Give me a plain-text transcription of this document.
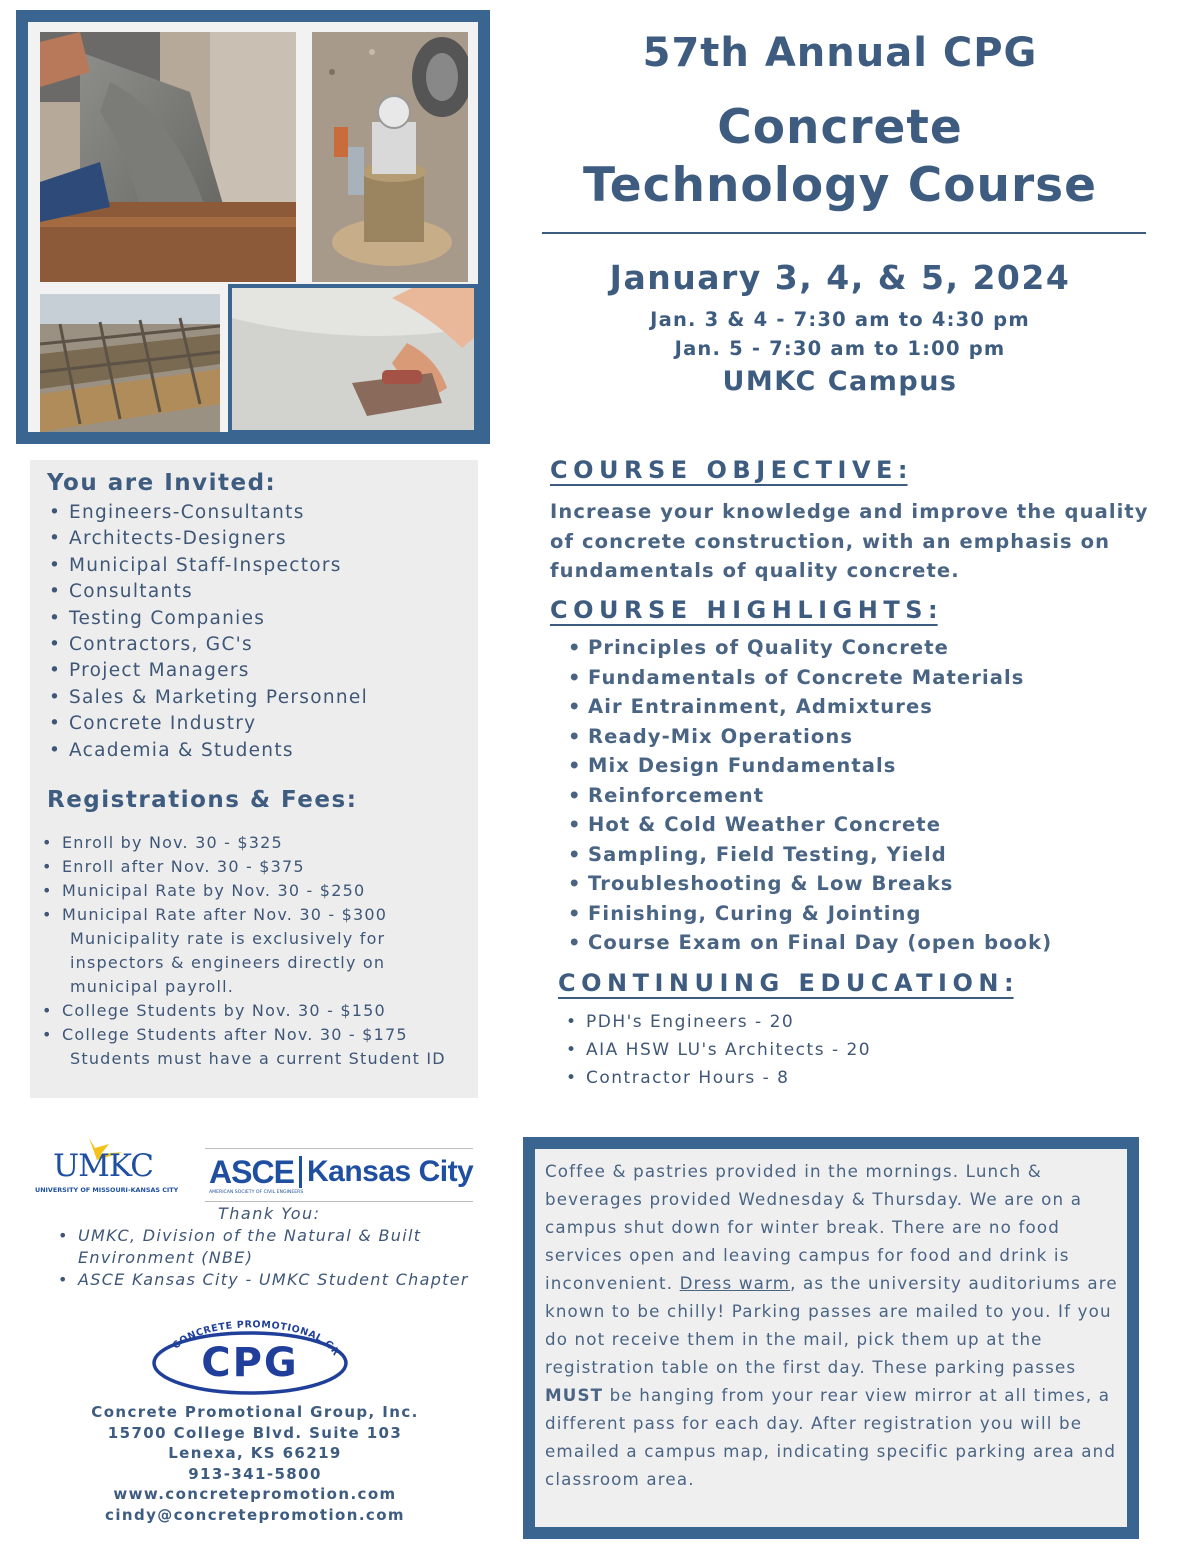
57th Annual CPG
Concrete
Technology Course
January 3, 4, & 5, 2024
Jan. 3 & 4 - 7:30 am to 4:30 pm
Jan. 5 - 7:30 am to 1:00 pm
UMKC Campus
You are Invited:
• Engineers-Consultants
• Architects-Designers
• Municipal Staff-Inspectors
• Consultants
• Testing Companies
• Contractors, GC's
• Project Managers
• Sales & Marketing Personnel
• Concrete Industry
• Academia & Students
Registrations & Fees:
• Enroll by Nov. 30 - $325
• Enroll after Nov. 30 - $375
• Municipal Rate by Nov. 30 - $250
• Municipal Rate after Nov. 30 - $300
Municipality rate is exclusively for inspectors & engineers directly on municipal payroll.
• College Students by Nov. 30 - $150
• College Students after Nov. 30 - $175
Students must have a current Student ID
COURSE OBJECTIVE:
Increase your knowledge and improve the quality of concrete construction, with an emphasis on fundamentals of quality concrete.
COURSE HIGHLIGHTS:
• Principles of Quality Concrete
• Fundamentals of Concrete Materials
• Air Entrainment, Admixtures
• Ready-Mix Operations
• Mix Design Fundamentals
• Reinforcement
• Hot & Cold Weather Concrete
• Sampling, Field Testing, Yield
• Troubleshooting & Low Breaks
• Finishing, Curing & Jointing
• Course Exam on Final Day (open book)
CONTINUING EDUCATION:
• PDH's Engineers - 20
• AIA HSW LU's Architects - 20
• Contractor Hours - 8
UMKC
UNIVERSITY OF MISSOURI-KANSAS CITY ASCE Kansas City
AMERICAN SOCIETY OF CIVIL ENGINEERS
Thank You:
• UMKC, Division of the Natural & Built Environment (NBE)
• ASCE Kansas City - UMKC Student Chapter
CONCRETE PROMOTIONAL GR
CPG
Concrete Promotional Group, Inc.
15700 College Blvd. Suite 103
Lenexa, KS 66219
913-341-5800
www.concretepromotion.com
cindy@concretepromotion.com
Coffee & pastries provided in the mornings. Lunch & beverages provided Wednesday & Thursday. We are on a campus shut down for winter break. There are no food services open and leaving campus for food and drink is inconvenient. Dress warm, as the university auditoriums are known to be chilly! Parking passes are mailed to you. If you do not receive them in the mail, pick them up at the registration table on the first day. These parking passes MUST be hanging from your rear view mirror at all times, a different pass for each day. After registration you will be emailed a campus map, indicating specific parking area and classroom area.
